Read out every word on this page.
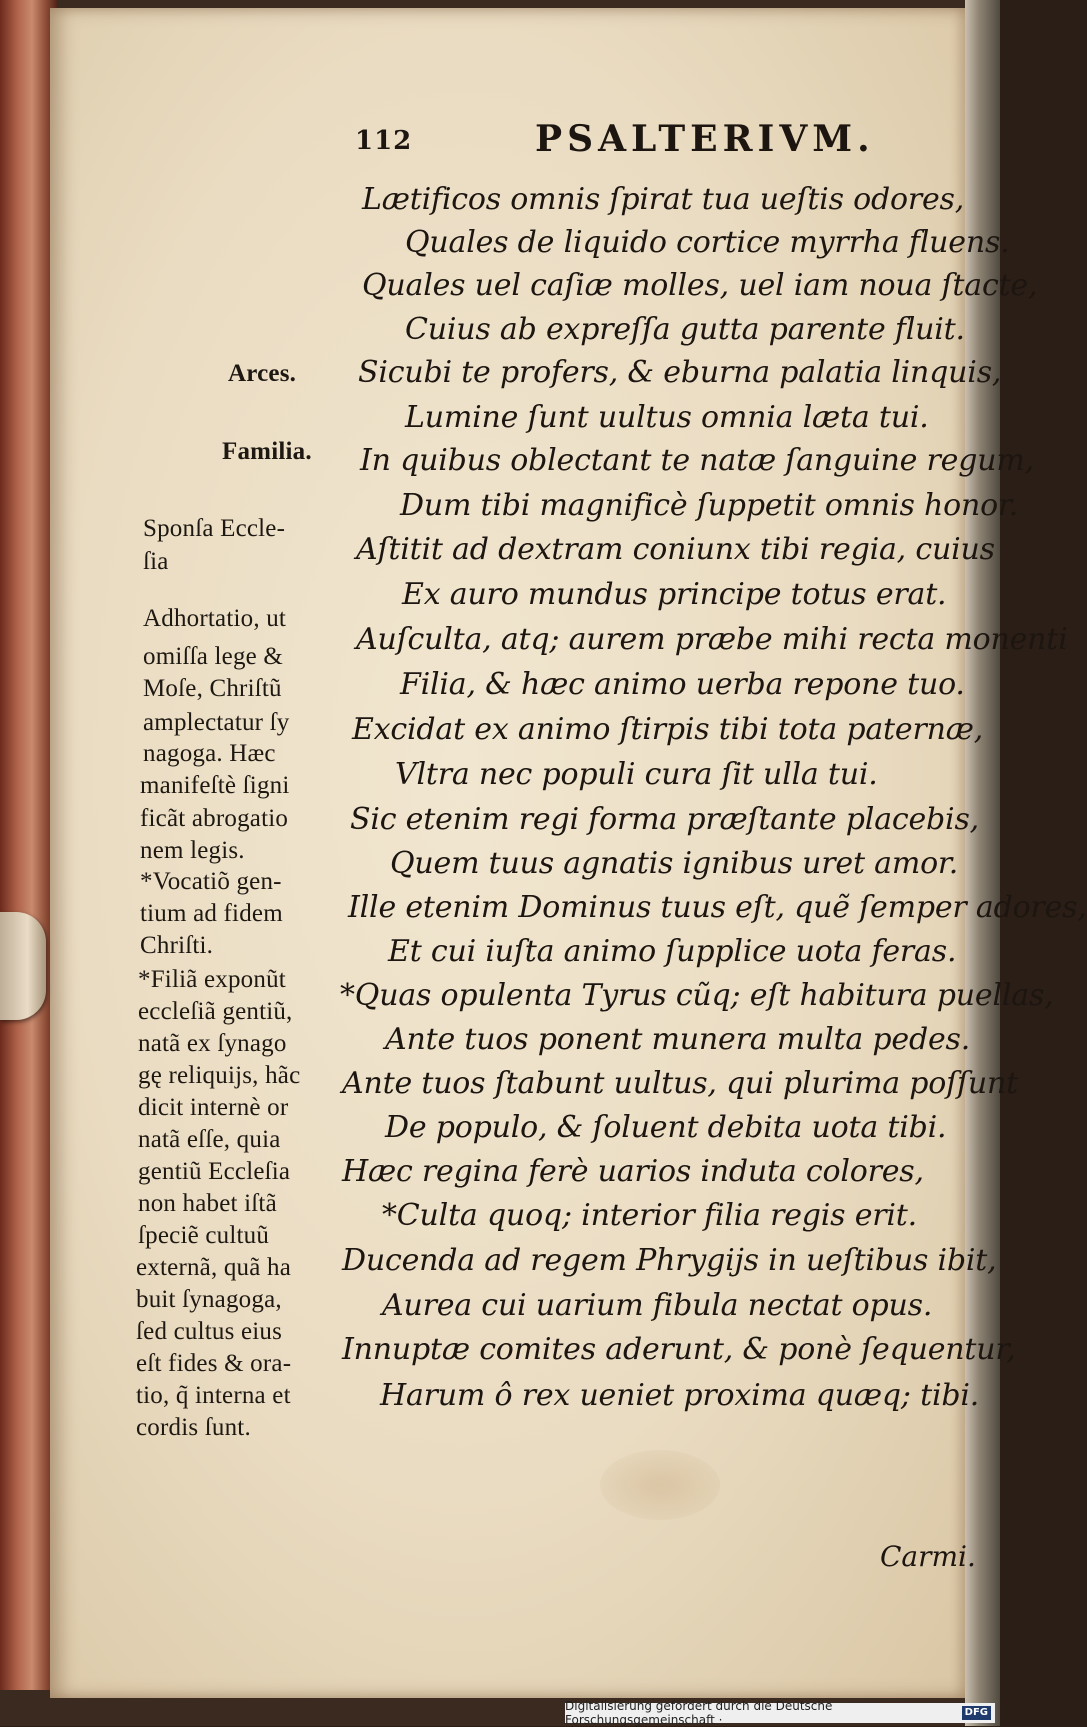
112	PSALTERIVM.
Lætificos omnis ſpirat tua ueſtis odores,
Quales de liquido cortice myrrha fluens.
Quales uel caſiæ molles, uel iam noua ſtacte,
Cuius ab expreſſa gutta parente fluit.
Sicubi te profers, & eburna palatia linquis,
Lumine ſunt uultus omnia læta tui.
In quibus oblectant te natæ ſanguine regum,
Dum tibi magnificè ſuppetit omnis honor.
Aſtitit ad dextram coniunx tibi regia, cuius
Ex auro mundus principe totus erat.
Auſculta, atq; aurem præbe mihi recta monenti
Filia, & hæc animo uerba repone tuo.
Excidat ex animo ſtirpis tibi tota paternæ,
Vltra nec populi cura ſit ulla tui.
Sic etenim regi forma præſtante placebis,
Quem tuus agnatis ignibus uret amor.
Ille etenim Dominus tuus eſt, quẽ ſemper adores,
Et cui iuſta animo ſupplice uota feras.
*Quas opulenta Tyrus cũq; eſt habitura puellas,
Ante tuos ponent munera multa pedes.
Ante tuos ſtabunt uultus, qui plurima poſſunt
De populo, & ſoluent debita uota tibi.
Hæc regina ferè uarios induta colores,
*Culta quoq; interior filia regis erit.
Ducenda ad regem Phrygijs in ueſtibus ibit,
Aurea cui uarium fibula nectat opus.
Innuptæ comites aderunt, & ponè ſequentur,
Harum ô rex ueniet proxima quæq; tibi.
Arces.
Familia.
Sponſa Eccle-
ſia
Adhortatio, ut
omiſſa lege &
Moſe, Chriſtũ
amplectatur ſy
nagoga. Hæc
manifeſtè ſigni
ficãt abrogatio
nem legis.
*Vocatiõ gen-
tium ad fidem
Chriſti.
*Filiã exponũt
eccleſiã gentiũ,
natã ex ſynago
gę reliquijs, hãc
dicit internè or
natã eſſe, quia
gentiũ Eccleſia
non habet iſtã
ſpeciẽ cultuũ
externã, quã ha
buit ſynagoga,
ſed cultus eius
eſt fides & ora-
tio, q̃ interna et
cordis ſunt.
Carmi.
Digitalisierung gefördert durch die Deutsche Forschungsgemeinschaft ·
DFG
